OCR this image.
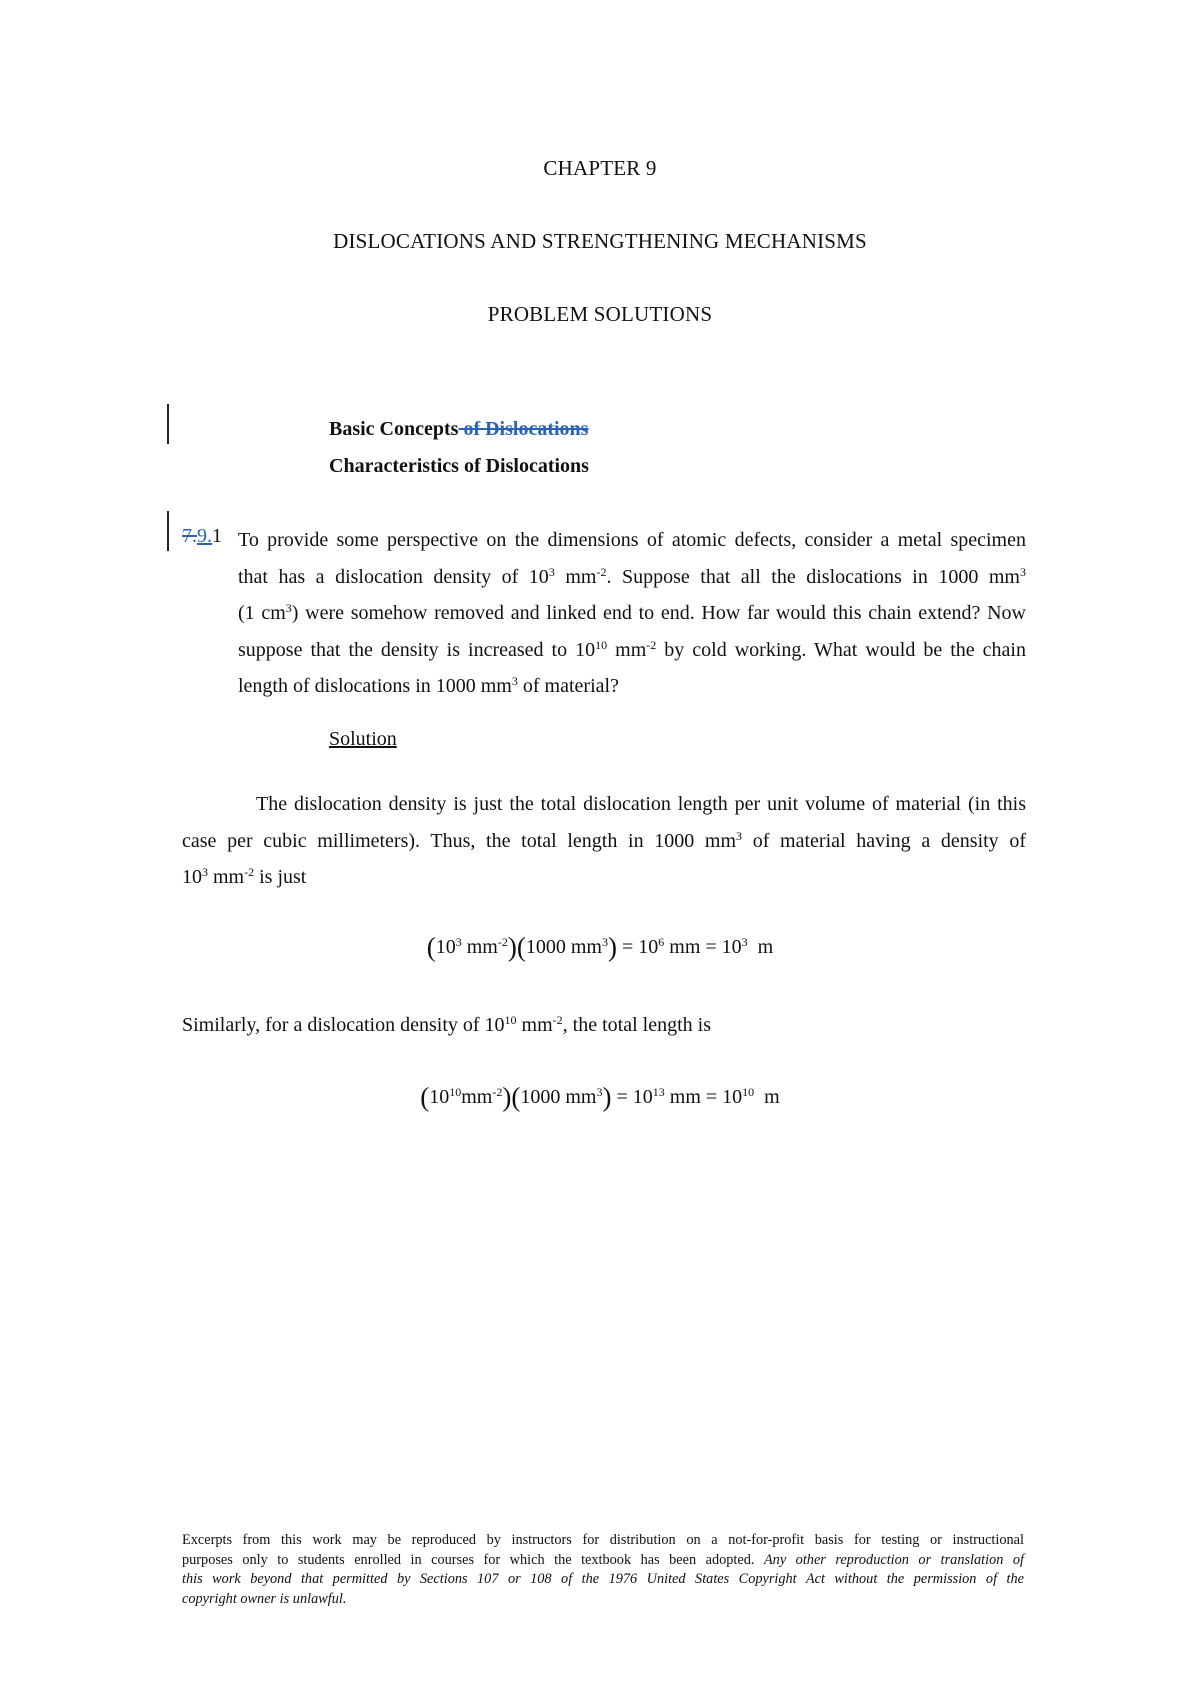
CHAPTER 9
DISLOCATIONS AND STRENGTHENING MECHANISMS
PROBLEM SOLUTIONS
Basic Concepts of Dislocations
Characteristics of Dislocations
7.9.1 To provide some perspective on the dimensions of atomic defects, consider a metal specimen
that has a dislocation density of $10^3$ $mm^{-2}$. Suppose that all the dislocations in 1000 $mm^3$
(1 $cm^3$) were somehow removed and linked end to end. How far would this chain extend? Now
suppose that the density is increased to $10^{10}$ $mm^{-2}$ by cold working. What would be the chain
length of dislocations in 1000 $mm^3$ of material?
Solution
The dislocation density is just the total dislocation length per unit volume of material (in this
case per cubic millimeters). Thus, the total length in 1000 $mm^3$ of material having a density of
$10^3$ $mm^{-2}$ is just
($10^3$ $mm^{-2})(1000$ $mm^3) = 10^6$ mm = $10^3$  m
Similarly, for a dislocation density of $10^{10}$ $mm^{-2}$, the total length is
$(10^{10}mm^{-2})(1000$ $mm^3) = 10^{13}$ mm = $10^{10}$  m
Excerpts from this work may be reproduced by instructors for distribution on a not-for-profit basis for testing or instructional
purposes only to students enrolled in courses for which the textbook has been adopted. Any other reproduction or translation of
this work beyond that permitted by Sections 107 or 108 of the 1976 United States Copyright Act without the permission of the
copyright owner is unlawful.
